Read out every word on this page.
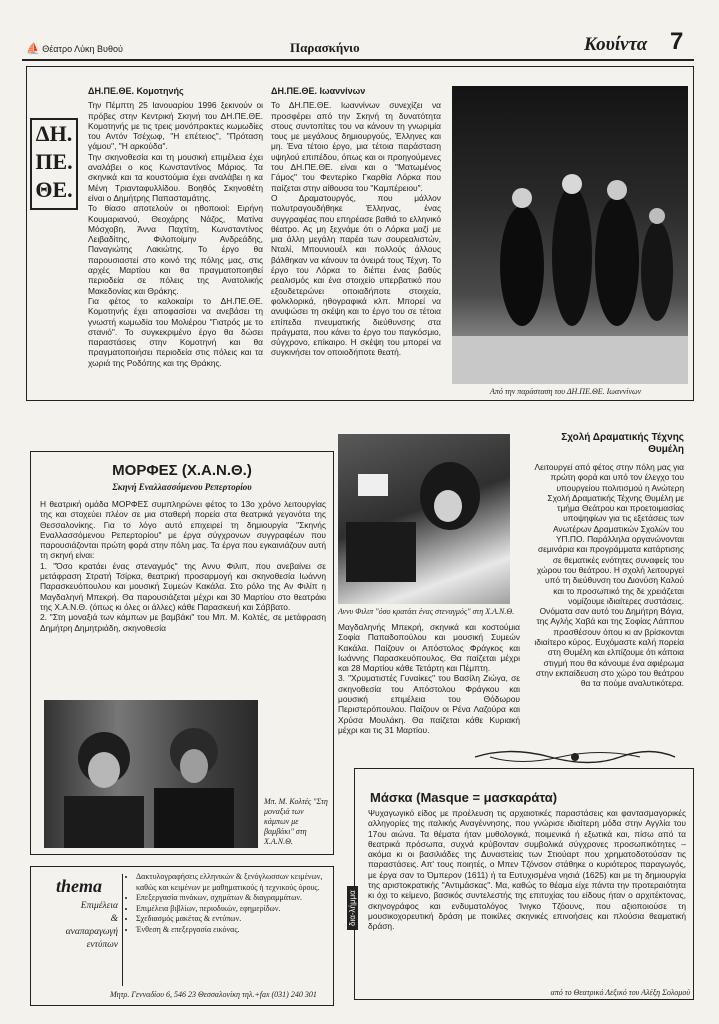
⛵ Θέατρο Λύκη Βυθού	Παρασκήνιο	Κουίντα 7
ΔΗ.
ΠΕ.
ΘΕ.
ΔΗ.ΠΕ.ΘΕ. Κομοτηνής
Την Πέμπτη 25 Ιανουαρίου 1996 ξεκινούν οι πρόβες στην Κεντρική Σκηνή του ΔΗ.ΠΕ.ΘΕ. Κομοτηνής με τις τρεις μονόπρακτες κωμωδίες του Αντόν Τσέχωφ, "Η επέτειος", "Πρόταση γάμου", "Η αρκούδα".
Την σκηνοθεσία και τη μουσική επιμέλεια έχει αναλάβει ο κος Κωνσταντίνος Μάριος. Τα σκηνικά και τα κουστούμια έχει αναλάβει η κα Μένη Τριανταφυλλίδου. Βοηθός Σκηνοθέτη είναι ο Δημήτρης Παπασταμάτης.
Το θίασο αποτελούν οι ηθοποιοί: Ειρήνη Κουμαριανού, Θεοχάρης Νάζος, Ματίνα Μόσχοβη, Άννα Παχτίτη, Κωνσταντίνος Λειβαδίτης, Φιλοποίμην Ανδρεάδης, Παναγιώτης Λακιώτης. Το έργο θα παρουσιαστεί στο κοινό της πόλης μας, στις αρχές Μαρτίου και θα πραγματοποιηθεί περιοδεία σε πόλεις της Ανατολικής Μακεδονίας και Θράκης.
Για φέτος το καλοκαίρι το ΔΗ.ΠΕ.ΘΕ. Κομοτηνής έχει αποφασίσει να ανεβάσει τη γνωστή κωμωδία του Μολιέρου "Γιατρός με το στανιό". Το συγκεκριμένο έργο θα δώσει παραστάσεις στην Κομοτηνή και θα πραγματοποιήσει περιοδεία στις πόλεις και τα χωριά της Ροδόπης και της Θράκης.
ΔΗ.ΠΕ.ΘΕ. Ιωαννίνων
Το ΔΗ.ΠΕ.ΘΕ. Ιωαννίνων συνεχίζει να προσφέρει από την Σκηνή τη δυνατότητα στους συντοπίτες του να κάνουν τη γνωριμία τους με μεγάλους δημιουργούς, Έλληνες και μη. Ένα τέτοιο έργο, μια τέτοια παράσταση υψηλού επιπέδου, όπως και οι προηγούμενες του ΔΗ.ΠΕ.ΘΕ. είναι και ο "Ματωμένος Γάμος" του Φεντερίκο Γκαρθία Λόρκα που παίζεται στην αίθουσα του "Καμπέρειου".
Ο Δραματουργός, που μάλλον πολυτραγουδήθηκε Έλληνας, ένας συγγραφέας που επηρέασε βαθιά το ελληνικό θέατρο. Ας μη ξεχνάμε ότι ο Λόρκα μαζί με μια άλλη μεγάλη παρέα των σουρεαλιστών, Νταλί, Μπουνιουέλ και πολλούς άλλους βάλθηκαν να κάνουν τα όνειρά τους Τέχνη. Το έργο του Λόρκα το διέπει ένας βαθύς ρεαλισμός και ένα στοιχείο υπερβατικό που εξουδετερώνει οποιαδήποτε στοιχεία, φολκλορικά, ηθογραφικά κλπ. Μπορεί να ανυψώσει τη σκέψη και το έργο του σε τέτοια επίπεδα πνευματικής διεύθυνσης στα πράγματα, που κάνει το έργο του παγκόσμιο, σύγχρονο, επίκαιρο. Η σκέψη του μπορεί να συγκινήσει τον οποιοδήποτε θεατή.
Από την παράσταση του ΔΗ.ΠΕ.ΘΕ. Ιωαννίνων
ΜΟΡΦΕΣ (Χ.Α.Ν.Θ.)
Σκηνή Εναλλασσόμενου Ρεπερτορίου
Η θεατρική ομάδα ΜΟΡΦΕΣ συμπληρώνει φέτος το 13ο χρόνο λειτουργίας της και στοχεύει πλέον σε μια σταθερή πορεία στα θεατρικά γεγονότα της Θεσσαλονίκης. Για το λόγο αυτό επιχειρεί τη δημιουργία "Σκηνής Εναλλασσόμενου Ρεπερτορίου" με έργα σύγχρονων συγγραφέων που παρουσιάζονται πρώτη φορά στην πόλη μας. Τα έργα που εγκαινιάζουν αυτή τη σκηνή είναι:
1. "Όσο κρατάει ένας στεναγμός" της Αννυ Φιλιπ, που ανεβαίνει σε μετάφραση Στρατή Τσίρκα, θεατρική προσαρμογή και σκηνοθεσία Ιωάννη Παρασκευόπουλου και μουσική Συμεών Κακάλα. Στο ρόλο της Αν Φιλίπ η Μαγδαληνή Μπεκρή. Θα παρουσιάζεται μέχρι και 30 Μαρτίου στο θεατράκι της Χ.Α.Ν.Θ. (όπως κι όλες οι άλλες) κάθε Παρασκευή και Σάββατο.
2. "Στη μοναξιά των κάμπων με βαμβάκι" του Μπ. Μ. Κολτές, σε μετάφραση Δημήτρη Δημητριάδη, σκηνοθεσία
Αννυ Φιλιπ "όσο κρατάει ένας στεναγμός" στη Χ.Α.Ν.Θ.
Μαγδαληνής Μπεκρή, σκηνικά και κοστούμια Σοφία Παπαδοπούλου και μουσική Συμεών Κακάλα. Παίζουν οι Απόστολος Φράγκος και Ιωάννης Παρασκευόπουλος. Θα παίζεται μέχρι και 28 Μαρτίου κάθε Τετάρτη και Πέμπτη.
3. "Χρυματιστές Γυναίκες" του Βασίλη Ζιώγα, σε σκηνοθεσία του Απόστολου Φράγκου και μουσική επιμέλεια του Θόδωρου Περιστερόπουλου. Παίζουν οι Ρένα Λαζούρα και Χρύσα Μουλάκη. Θα παίζεται κάθε Κυριακή μέχρι και τις 31 Μαρτίου.
Μπ. Μ. Κολτές "Στη μοναξιά των κάμπων με βαμβάκι" στη Χ.Α.Ν.Θ.
Σχολή Δραματικής Τέχνης Θυμέλη
Λειτουργεί από φέτος στην πόλη μας για πρώτη φορά και υπό τον έλεγχο του υπουργείου πολιτισμού η Ανώτερη Σχολή Δραματικής Τέχνης Θυμέλη με τμήμα Θεάτρου και προετοιμασίας υποψηφίων για τις εξετάσεις των Ανωτέρων Δραματικών Σχολών του ΥΠ.ΠΟ. Παράλληλα οργανώνονται σεμινάρια και προγράμματα κατάρτισης σε θεματικές ενότητες συναφείς του χώρου του θεάτρου. Η σχολή λειτουργεί υπό τη διεύθυνση του Διονύση Καλού και το προσωπικό της δε χρειάζεται νομίζουμε ιδιαίτερες συστάσεις. Ονόματα σαν αυτό του Δημήτρη Βάγια, της Αγλής Χαβά και της Σοφίας Λάππου προσθέσουν όπου κι αν βρίσκονται ιδιαίτερο κύρος. Ευχόμαστε καλή πορεία στη Θυμέλη και ελπίζουμε ότι κάποια στιγμή που θα κάνουμε ένα αφιέρωμα στην εκπαίδευση στο χώρο του θεάτρου θα τα πούμε αναλυτικότερα.
δια-λήμμα
Μάσκα (Masque = μασκαράτα)
Ψυχαγωγικό είδος με προέλευση τις αρχαιοτικές παραστάσεις και φαντασμαγορικές αλληγορίες της ιταλικής Αναγέννησης, που γνώρισε ιδιαίτερη μόδα στην Αγγλία του 17ου αιώνα. Τα θέματα ήταν μυθολογικά, ποιμενικά ή εξωτικά και, πίσω από τα θεατρικά πρόσωπα, συχνά κρύβονταν συμβολικά σύγχρονες προσωπικότητες – ακόμα κι οι βασιλιάδες της Δυναστείας των Στιούαρτ που χρηματοδοτούσαν τις παραστάσεις. Απ' τους ποιητές, ο Μπεν Τζόνσον στάθηκε ο κυριότερος παραγωγός, με έργα σαν το Όμπερον (1611) ή τα Ευτυχισμένα νησιά (1625) και με τη δημιουργία της αριστοκρατικής "Αντιμάσκας". Μα, καθώς το θέαμα είχε πάντα την προτεραιότητα κι όχι το κείμενο, βασικός συντελεστής της επιτυχίας του είδους ήταν ο αρχιτέκτονας, σκηνογράφος και ενδυματολόγος Ίνιγκο Τζόουνς, που αξιοποιούσε τη μουσικοχορευτική δράση με ποικίλες σκηνικές επινοήσεις και πλούσια θεαματική δράση.
από το Θεατρικό Λεξικό του Αλέξη Σολομού
thema
Επιμέλεια
&
αναπαραγωγή
εντύπων
• Δακτυλογραφήσεις ελληνικών & ξενόγλωσσων κειμένων, καθώς και κειμένων με μαθηματικούς ή τεχνικούς όρους.
• Επεξεργασία πινάκων, σχημάτων & διαγραμμάτων.
• Επιμέλεια βιβλίων, περιοδικών, εφημερίδων.
• Σχεδιασμός μακέτας & εντύπων.
• Ένθεση & επεξεργασία εικόνας.
Μητρ. Γενναδίου 6, 546 23 Θεσσαλονίκη τηλ.+fax (031) 240 301
